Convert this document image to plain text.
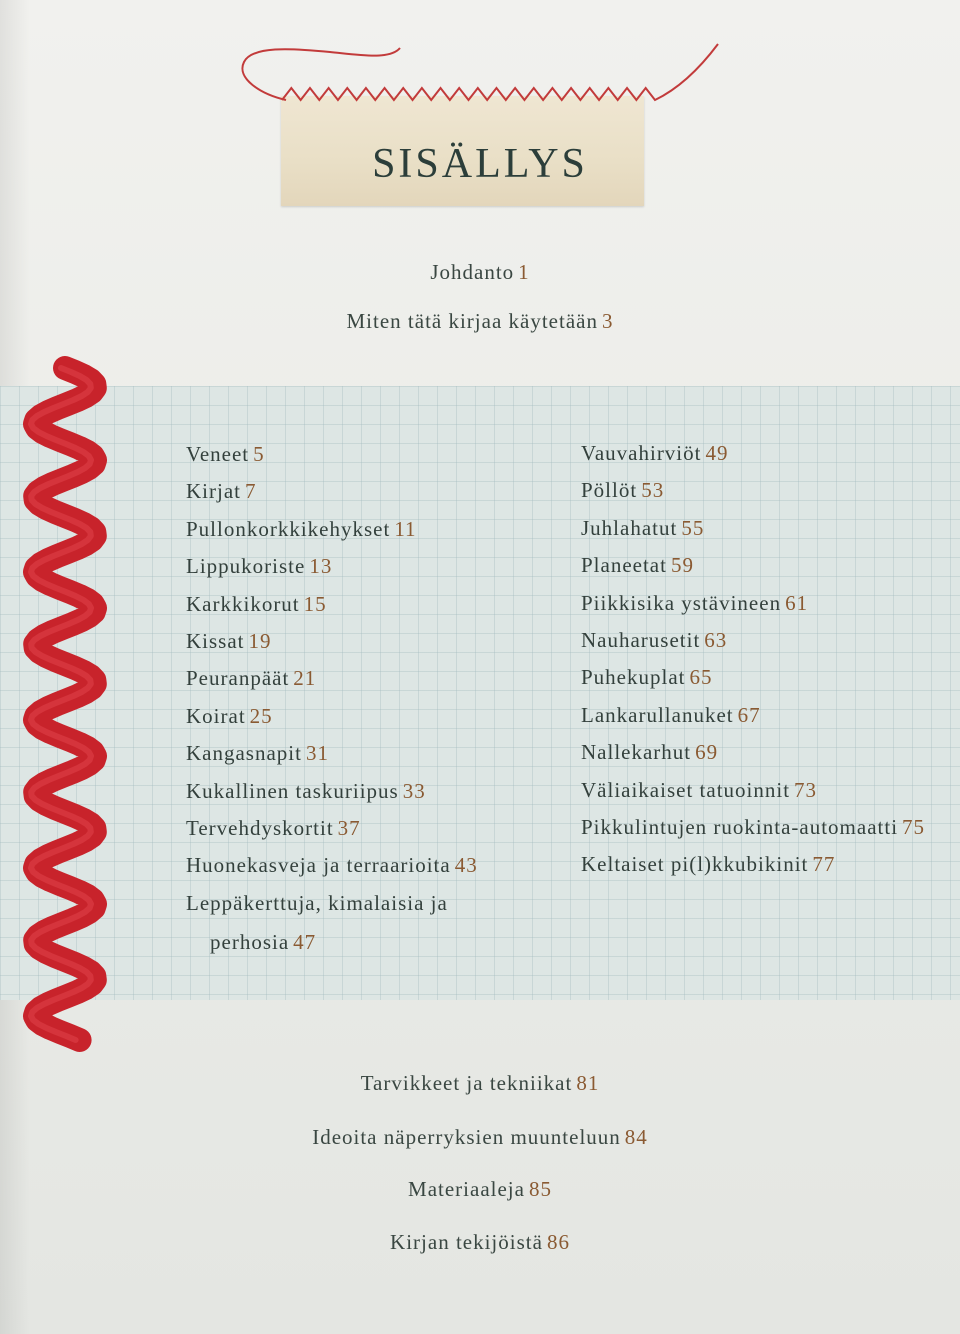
SISÄLLYS
Johdanto 1
Miten tätä kirjaa käytetään 3
Veneet 5
Kirjat 7
Pullonkorkkikehykset 11
Lippukoriste 13
Karkkikorut 15
Kissat 19
Peuranpäät 21
Koirat 25
Kangasnapit 31
Kukallinen taskuriipus 33
Tervehdyskortit 37
Huonekasveja ja terraarioita 43
Leppäkerttuja, kimalaisia ja
perhosia 47
Vauvahirviöt 49
Pöllöt 53
Juhlahatut 55
Planeetat 59
Piikkisika ystävineen 61
Nauharusetit 63
Puhekuplat 65
Lankarullanuket 67
Nallekarhut 69
Väliaikaiset tatuoinnit 73
Pikkulintujen ruokinta-automaatti 75
Keltaiset pi(l)kkubikinit 77
Tarvikkeet ja tekniikat 81
Ideoita näperryksien muunteluun 84
Materiaaleja 85
Kirjan tekijöistä 86
